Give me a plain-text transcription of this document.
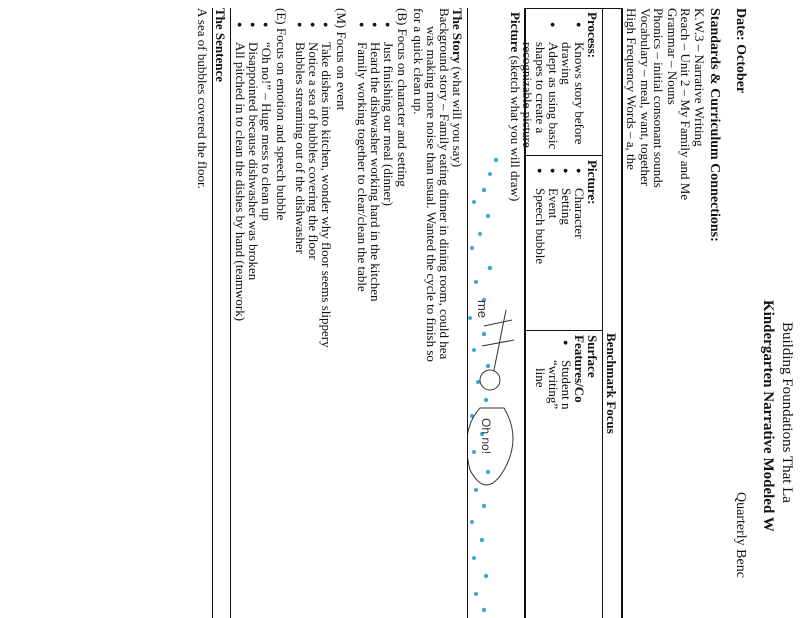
Building Foundations That La
Kindergarten Narrative Modeled W
Date: October
Quarterly Benc
Standards & Curriculum Connections:
K.W.3 – Narrative Writing
Reach – Unit 2 – My Family and Me
Grammar – Nouns
Phonics – initial consonant sounds
Vocabulary – meal, want, together
High Frequency Words – a, the
Benchmark Focus
Process:
● Knows story before
drawing
● Adept as using basic
shapes to create a
recognizable picture
Picture:
● Character
● Setting
● Event
● Speech bubble
Surface
Features/Co
● Student n
“writing”
line
Picture (sketch what you will draw)
me
Oh no!
The Story (what will you say)
Background story – Family eating dinner in dining room, could hea
was making more noise than usual. Wanted the cycle to finish so
for a quick clean up.
(B) Focus on character and setting
● Just finishing our meal (dinner)
● Heard the dishwasher working hard in the kitchen
● Family working together to clear/clean the table
(M) Focus on event
● Take dishes into kitchen, wonder why floor seems slippery
● Notice a sea of bubbles covering the floor
● Bubbles streaming out of the dishwasher
(E) Focus on emotion and speech bubble
● “Oh no!” – Huge mess to clean up
● Disappointed because dishwasher was broken
● All pitched in to clean the dishes by hand (teamwork)
The Sentence
A sea of bubbles covered the floor.
